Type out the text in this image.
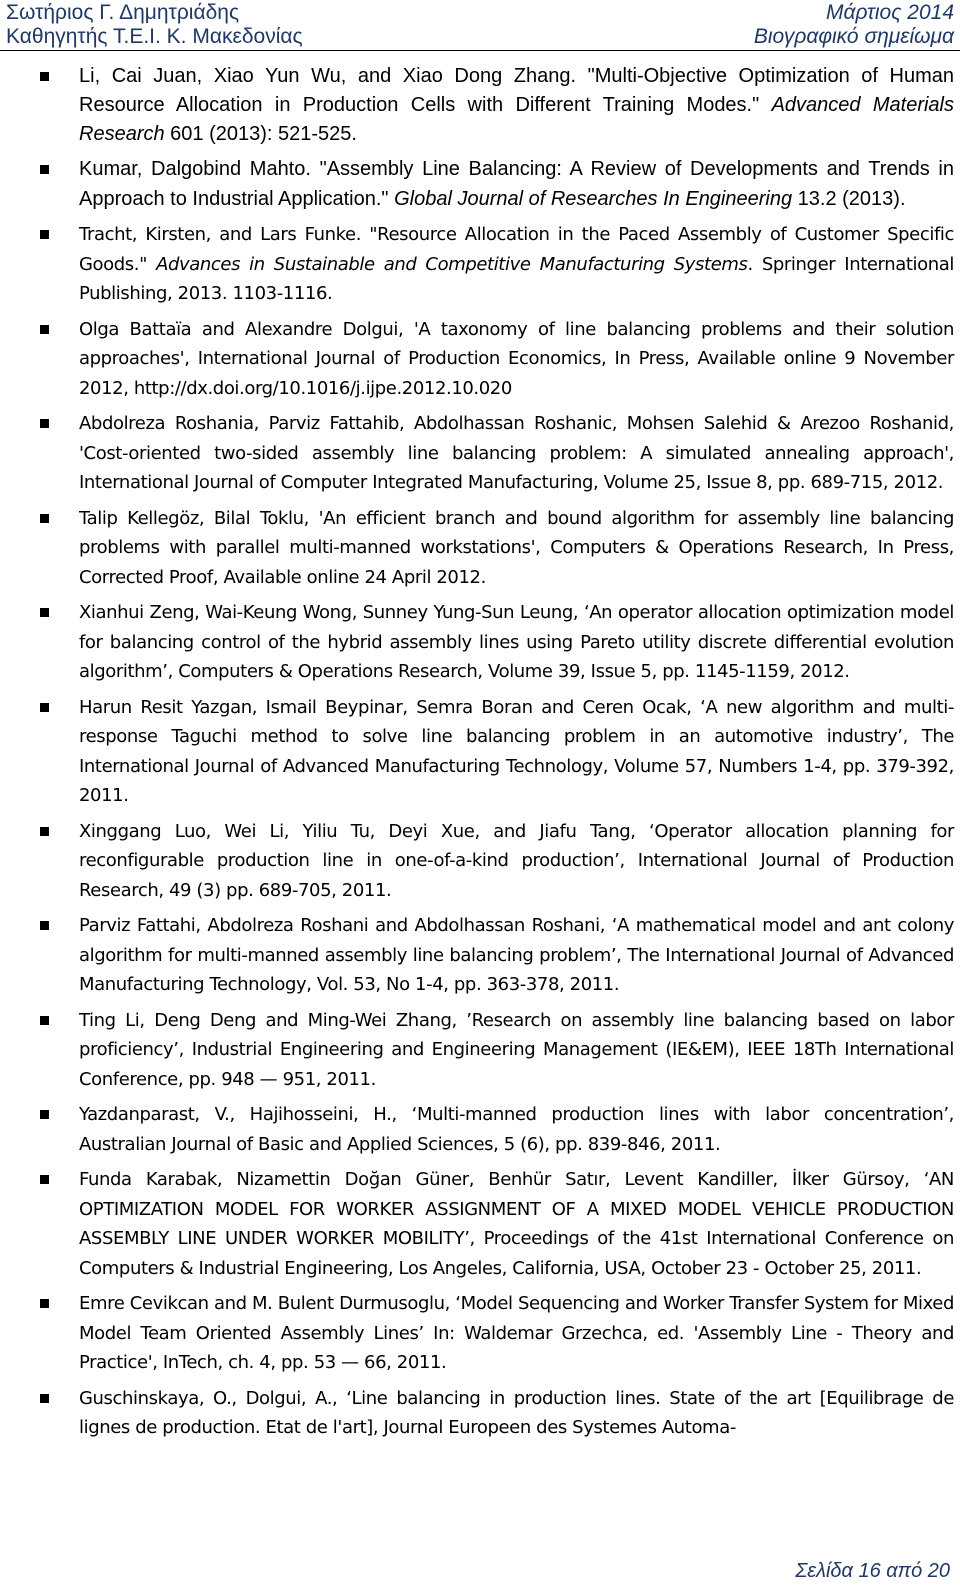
Σωτήριος Γ. Δημητριάδης
Καθηγητής Τ.Ε.Ι. Κ. Μακεδονίας
Μάρτιος 2014
Βιογραφικό σημείωμα
Li, Cai Juan, Xiao Yun Wu, and Xiao Dong Zhang. "Multi-Objective Optimization of Human Resource Allocation in Production Cells with Different Training Modes." Advanced Materials Research 601 (2013): 521-525.
Kumar, Dalgobind Mahto. "Assembly Line Balancing: A Review of Developments and Trends in Approach to Industrial Application." Global Journal of Researches In Engineering 13.2 (2013).
Tracht, Kirsten, and Lars Funke. "Resource Allocation in the Paced Assembly of Customer Specific Goods." Advances in Sustainable and Competitive Manufacturing Systems. Springer International Publishing, 2013. 1103-1116.
Olga Battaïa and Alexandre Dolgui, 'A taxonomy of line balancing problems and their solution approaches', International Journal of Production Economics, In Press, Available online 9 November 2012, http://dx.doi.org/10.1016/j.ijpe.2012.10.020
Abdolreza Roshania, Parviz Fattahib, Abdolhassan Roshanic, Mohsen Salehid & Arezoo Roshanid, 'Cost-oriented two-sided assembly line balancing problem: A simulated annealing approach', International Journal of Computer Integrated Manufacturing, Volume 25, Issue 8, pp. 689-715, 2012.
Talip Kellegöz, Bilal Toklu, 'An efficient branch and bound algorithm for assembly line balancing problems with parallel multi-manned workstations', Computers & Operations Research, In Press, Corrected Proof, Available online 24 April 2012.
Xianhui Zeng, Wai-Keung Wong, Sunney Yung-Sun Leung, ‘An operator allocation optimization model for balancing control of the hybrid assembly lines using Pareto utility discrete differential evolution algorithm’, Computers & Operations Research, Volume 39, Issue 5, pp. 1145-1159, 2012.
Harun Resit Yazgan, Ismail Beypinar, Semra Boran and Ceren Ocak, ‘A new algorithm and multi-response Taguchi method to solve line balancing problem in an automotive industry’, The International Journal of Advanced Manufacturing Technology, Volume 57, Numbers 1-4, pp. 379-392, 2011.
Xinggang Luo, Wei Li, Yiliu Tu, Deyi Xue, and Jiafu Tang, ‘Operator allocation planning for reconfigurable production line in one-of-a-kind production’, International Journal of Production Research, 49 (3) pp. 689-705, 2011.
Parviz Fattahi, Abdolreza Roshani and Abdolhassan Roshani, ‘A mathematical model and ant colony algorithm for multi-manned assembly line balancing problem’, The International Journal of Advanced Manufacturing Technology, Vol. 53, No 1-4, pp. 363-378, 2011.
Ting Li, Deng Deng and Ming-Wei Zhang, ’Research on assembly line balancing based on labor proficiency’, Industrial Engineering and Engineering Management (IE&EM), IEEE 18Th International Conference, pp. 948 — 951, 2011.
Yazdanparast, V., Hajihosseini, H., ‘Multi-manned production lines with labor concentration’, Australian Journal of Basic and Applied Sciences, 5 (6), pp. 839-846, 2011.
Funda Karabak, Nizamettin Doğan Güner, Benhür Satır, Levent Kandiller, İlker Gürsoy, ‘AN OPTIMIZATION MODEL FOR WORKER ASSIGNMENT OF A MIXED MODEL VEHICLE PRODUCTION ASSEMBLY LINE UNDER WORKER MOBILITY’, Proceedings of the 41st International Conference on Computers & Industrial Engineering, Los Angeles, California, USA, October 23 - October 25, 2011.
Emre Cevikcan and M. Bulent Durmusoglu, ‘Model Sequencing and Worker Transfer System for Mixed Model Team Oriented Assembly Lines’ In: Waldemar Grzechca, ed. 'Assembly Line - Theory and Practice', InTech, ch. 4, pp. 53 — 66, 2011.
Guschinskaya, O., Dolgui, A., ‘Line balancing in production lines. State of the art [Equilibrage de lignes de production. Etat de l'art], Journal Europeen des Systemes Automa-
Σελίδα 16 από 20
